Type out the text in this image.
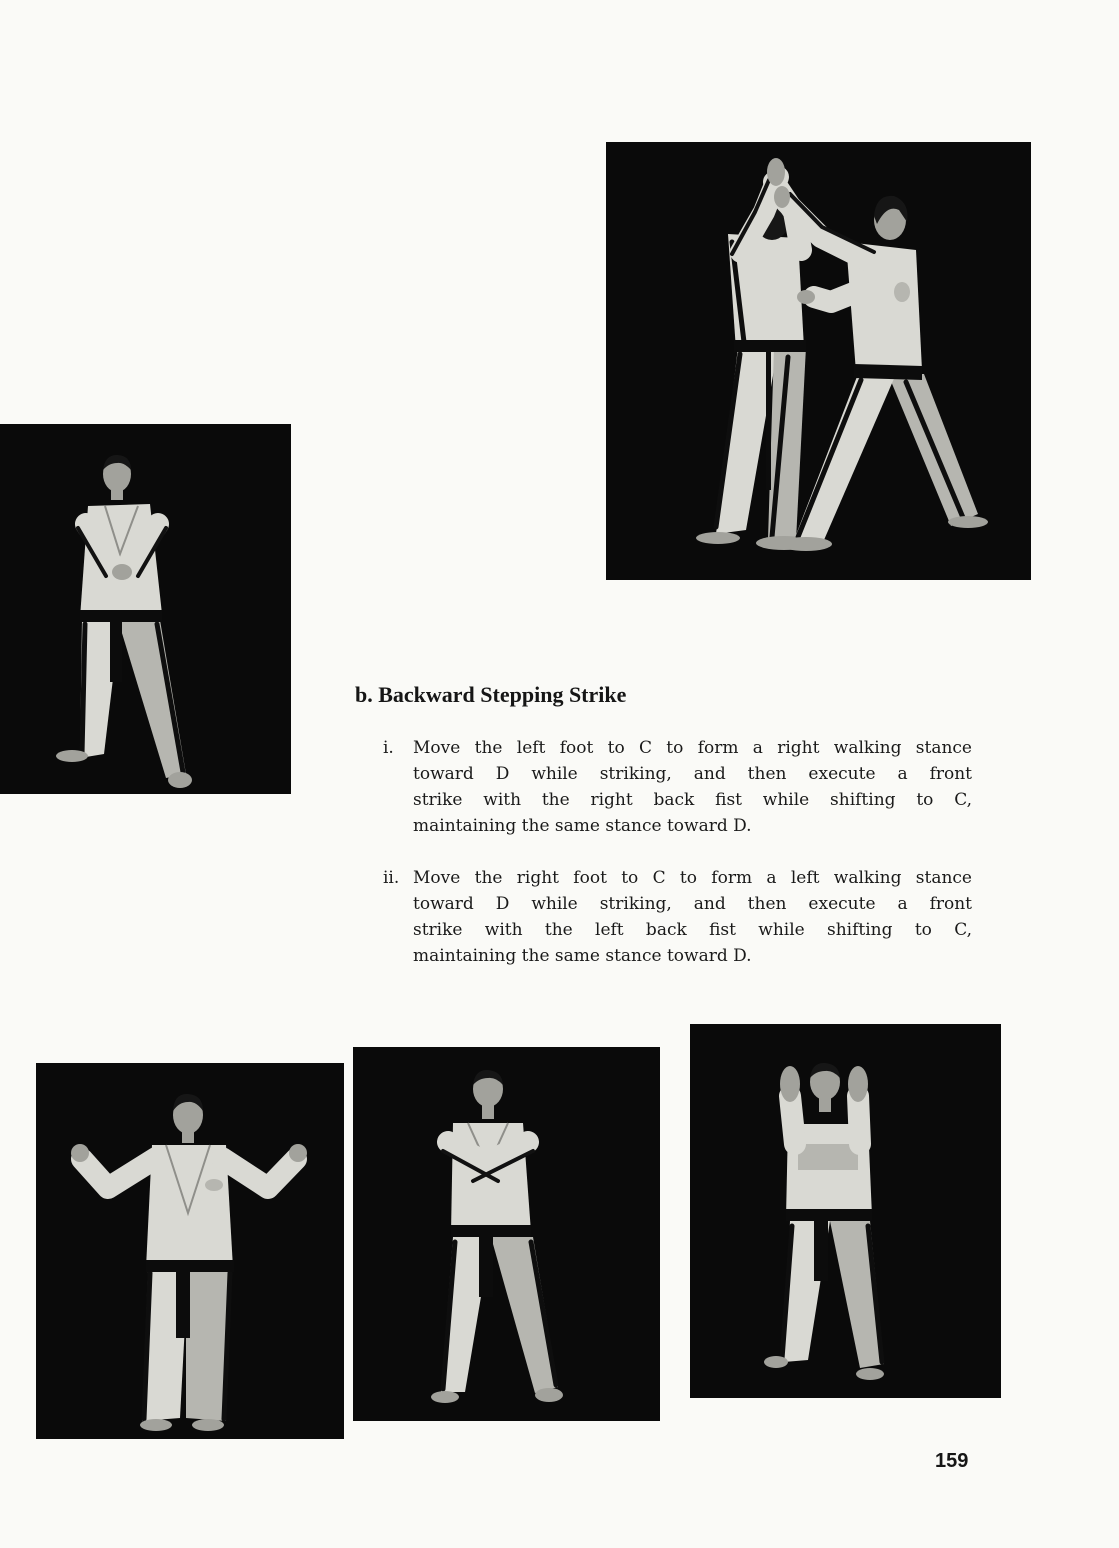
b. Backward Stepping Strike
i. Move the left foot to C to form a right walking stance
toward D while striking, and then execute a front
strike with the right back fist while shifting to C,
maintaining the same stance toward D.
ii. Move the right foot to C to form a left walking stance
toward D while striking, and then execute a front
strike with the left back fist while shifting to C,
maintaining the same stance toward D.
159
